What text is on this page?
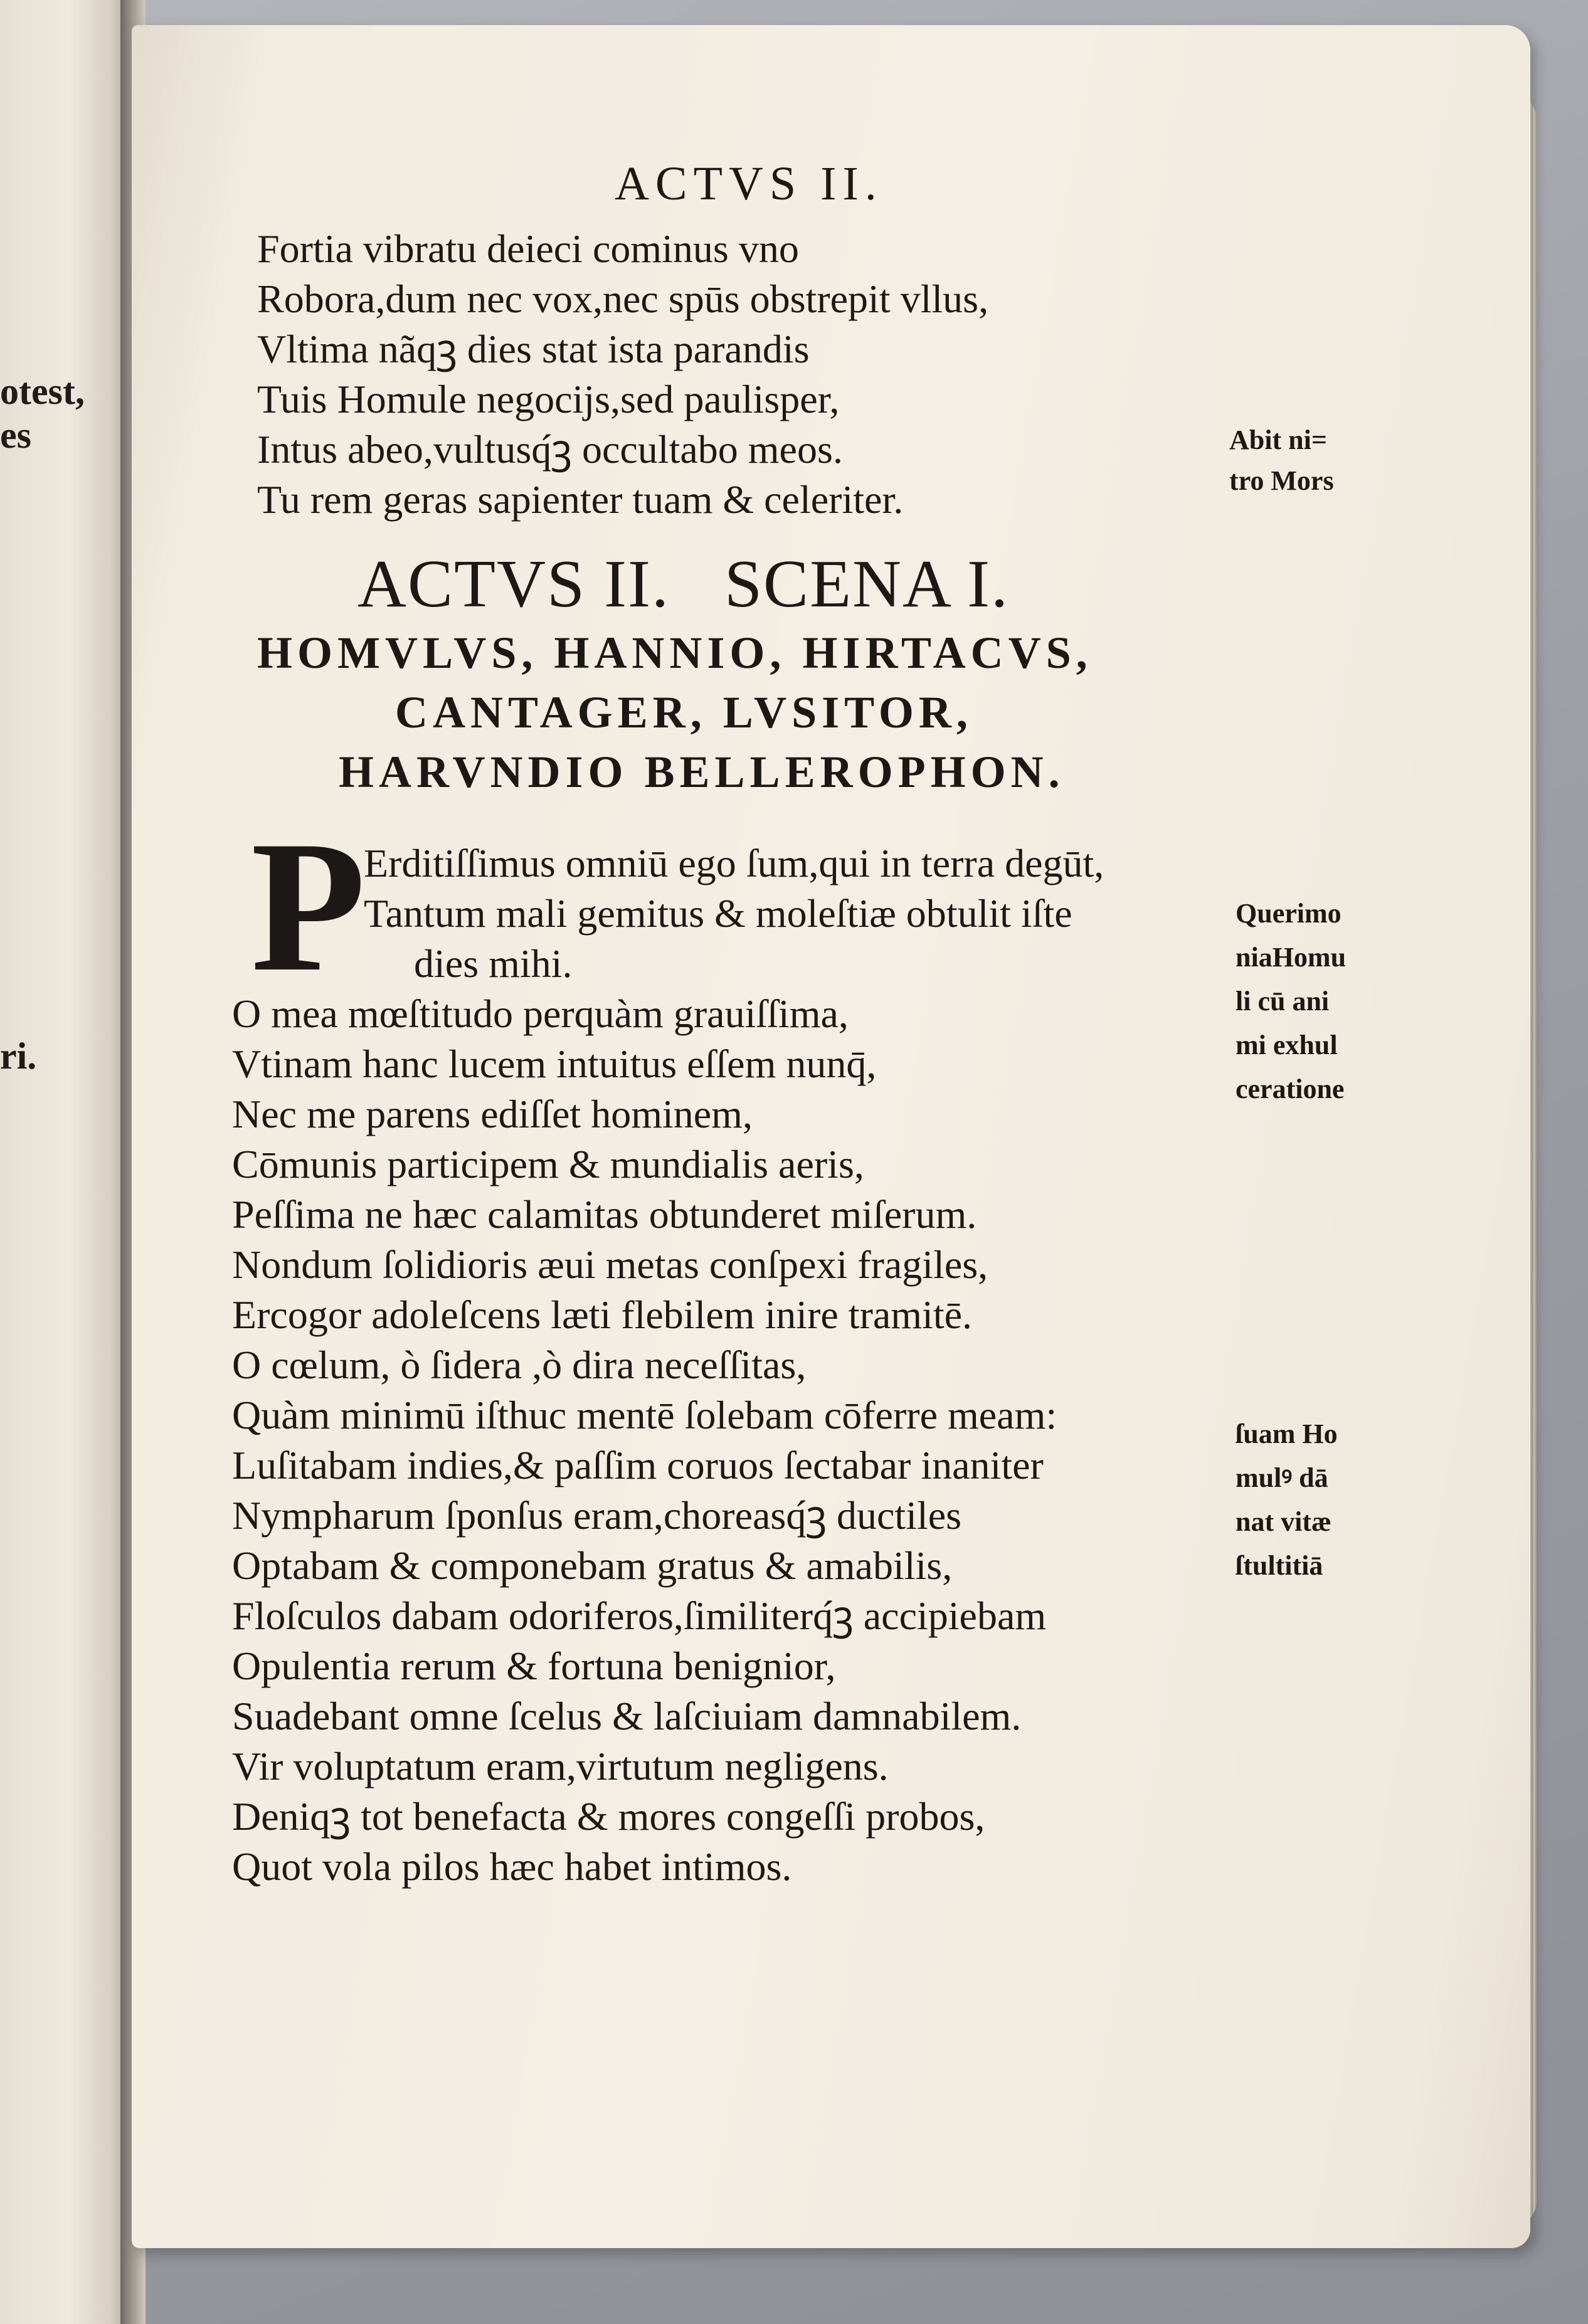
otest,
es
ri.
ACTVS II.
Fortia vibratu deieci cominus vno
Robora,dum nec vox,nec spūs obstrepit vllus,
Vltima nãqꝫ dies stat ista parandis
Tuis Homule negocijs,sed paulisper,
Intus abeo,vultusq́ꝫ occultabo meos.
Tu rem geras sapienter tuam & celeriter.
Abit ni=
tro Mors
ACTVS II.   SCENA I.
HOMVLVS, HANNIO, HIRTACVS,
CANTAGER, LVSITOR,
HARVNDIO BELLEROPHON.
P
Erditiſſimus omniū ego ſum,qui in terra degūt,
Tantum mali gemitus & moleſtiæ obtulit iſte
dies mihi.
O mea mœſtitudo perquàm grauiſſima,
Vtinam hanc lucem intuitus eſſem nunq̄,
Nec me parens ediſſet hominem,
Cōmunis participem & mundialis aeris,
Peſſima ne hæc calamitas obtunderet miſerum.
Nondum ſolidioris æui metas conſpexi fragiles,
Ercogor adoleſcens læti flebilem inire tramitē.
O cœlum, ò ſidera ,ò dira neceſſitas,
Quàm minimū iſthuc mentē ſolebam cōferre meam:
Luſitabam indies,& paſſim coruos ſectabar inaniter
Nympharum ſponſus eram,choreasq́ꝫ ductiles
Optabam & componebam gratus & amabilis,
Floſculos dabam odoriferos,ſimiliterq́ꝫ accipiebam
Opulentia rerum & fortuna benignior,
Suadebant omne ſcelus & laſciuiam damnabilem.
Vir voluptatum eram,virtutum negligens.
Deniqꝫ tot benefacta & mores congeſſi probos,
Quot vola pilos hæc habet intimos.
Querimo
niaHomu
li cū ani
mi exhul
ceratione
ſuam Ho
mulꝰ dā
nat vitæ
ſtultitiā
